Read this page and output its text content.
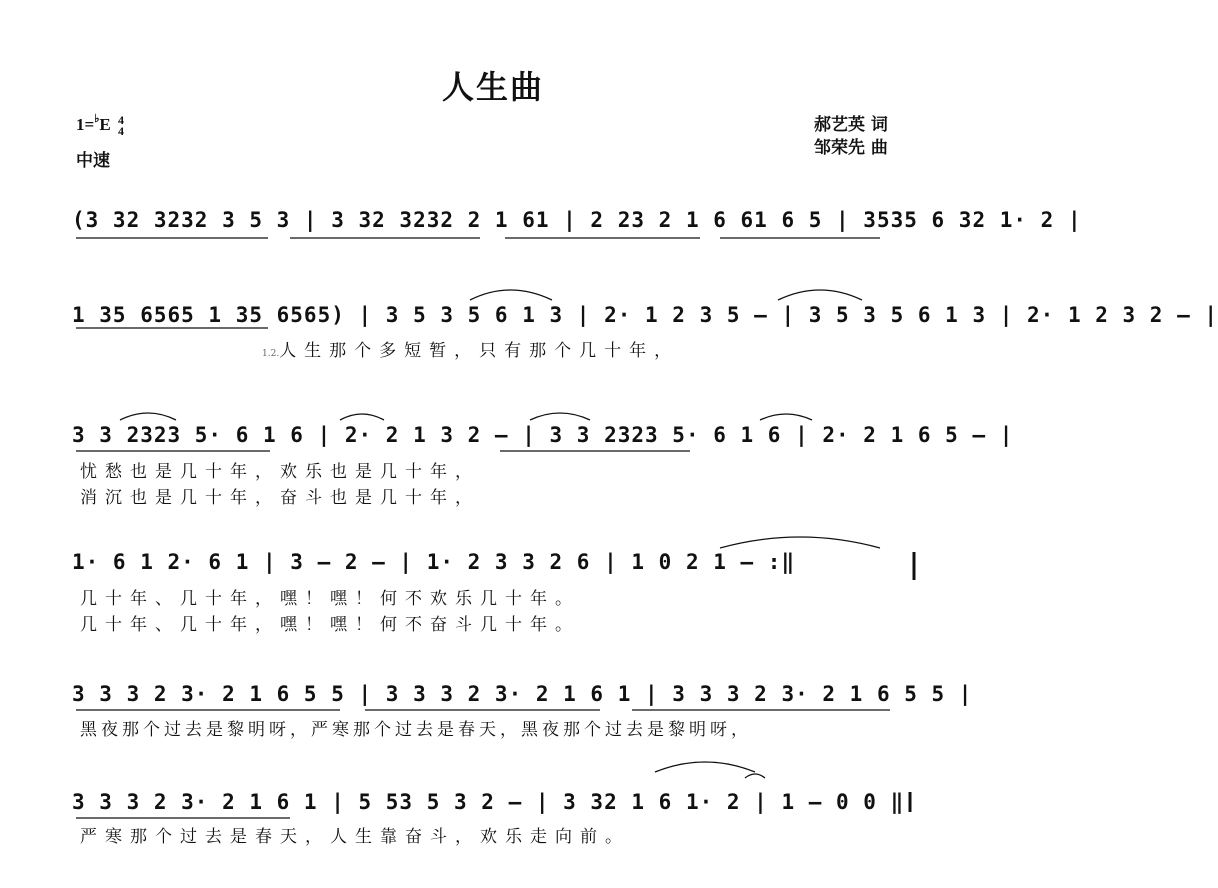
人生曲
1=♭E 4
4
中速
郝艺英 词
邹荣先 曲
(3 32 3232 3 5 3 | 3 32 3232 2 1 61 | 2 23 2 1 6 61 6 5 | 3535 6 32 1· 2 |
1 35 6565 1 35 6565) | 3 5 3 5 6 1 3 | 2· 1 2 3 5 — | 3 5 3 5 6 1 3 | 2· 1 2 3 2 — |
3 3 2323 5· 6 1 6 | 2· 2 1 3 2 — | 3 3 2323 5· 6 1 6 | 2· 2 1 6 5 — |
1· 6 1 2· 6 1 | 3 — 2 — | 1· 2 3 3 2 6 | 1 0 2 1 — :‖
3 3 3 2 3· 2 1 6 5 5 | 3 3 3 2 3· 2 1 6 1 | 3 3 3 2 3· 2 1 6 5 5 |
3 3 3 2 3· 2 1 6 1 | 5 53 5 3 2 — | 3 32 1 6 1· 2 | 1 — 0 0 ‖
1.2.人生那个多短暂，只有那个几十年，
忧愁也是几十年，欢乐也是几十年，
消沉也是几十年，奋斗也是几十年，
几十年、几十年，嘿！嘿！何不欢乐几十年。
几十年、几十年，嘿！嘿！何不奋斗几十年。
黑夜那个过去是黎明呀，严寒那个过去是春天，黑夜那个过去是黎明呀，
严寒那个过去是春天，人生靠奋斗，欢乐走向前。
